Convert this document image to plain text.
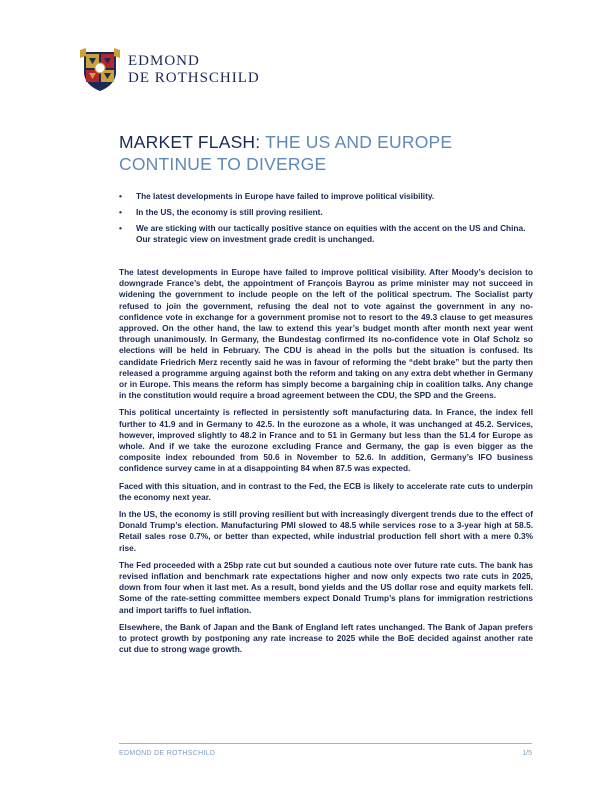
EDMOND
DE ROTHSCHILD
MARKET FLASH: THE US AND EUROPE CONTINUE TO DIVERGE
• The latest developments in Europe have failed to improve political visibility.
• In the US, the economy is still proving resilient.
• We are sticking with our tactically positive stance on equities with the accent on the US and China. Our strategic view on investment grade credit is unchanged.

The latest developments in Europe have failed to improve political visibility. After Moody’s decision to downgrade France’s debt, the appointment of François Bayrou as prime minister may not succeed in widening the government to include people on the left of the political spectrum. The Socialist party refused to join the government, refusing the deal not to vote against the government in any no-confidence vote in exchange for a government promise not to resort to the 49.3 clause to get measures approved. On the other hand, the law to extend this year’s budget month after month next year went through unanimously. In Germany, the Bundestag confirmed its no-confidence vote in Olaf Scholz so elections will be held in February. The CDU is ahead in the polls but the situation is confused. Its candidate Friedrich Merz recently said he was in favour of reforming the “debt brake” but the party then released a programme arguing against both the reform and taking on any extra debt whether in Germany or in Europe. This means the reform has simply become a bargaining chip in coalition talks. Any change in the constitution would require a broad agreement between the CDU, the SPD and the Greens.

This political uncertainty is reflected in persistently soft manufacturing data. In France, the index fell further to 41.9 and in Germany to 42.5. In the eurozone as a whole, it was unchanged at 45.2. Services, however, improved slightly to 48.2 in France and to 51 in Germany but less than the 51.4 for Europe as whole. And if we take the eurozone excluding France and Germany, the gap is even bigger as the composite index rebounded from 50.6 in November to 52.6. In addition, Germany’s IFO business confidence survey came in at a disappointing 84 when 87.5 was expected.

Faced with this situation, and in contrast to the Fed, the ECB is likely to accelerate rate cuts to underpin the economy next year.

In the US, the economy is still proving resilient but with increasingly divergent trends due to the effect of Donald Trump’s election. Manufacturing PMI slowed to 48.5 while services rose to a 3-year high at 58.5. Retail sales rose 0.7%, or better than expected, while industrial production fell short with a mere 0.3% rise.

The Fed proceeded with a 25bp rate cut but sounded a cautious note over future rate cuts. The bank has revised inflation and benchmark rate expectations higher and now only expects two rate cuts in 2025, down from four when it last met. As a result, bond yields and the US dollar rose and equity markets fell. Some of the rate-setting committee members expect Donald Trump’s plans for immigration restrictions and import tariffs to fuel inflation.

Elsewhere, the Bank of Japan and the Bank of England left rates unchanged. The Bank of Japan prefers to protect growth by postponing any rate increase to 2025 while the BoE decided against another rate cut due to strong wage growth.

EDMOND DE ROTHSCHILD	1/5
